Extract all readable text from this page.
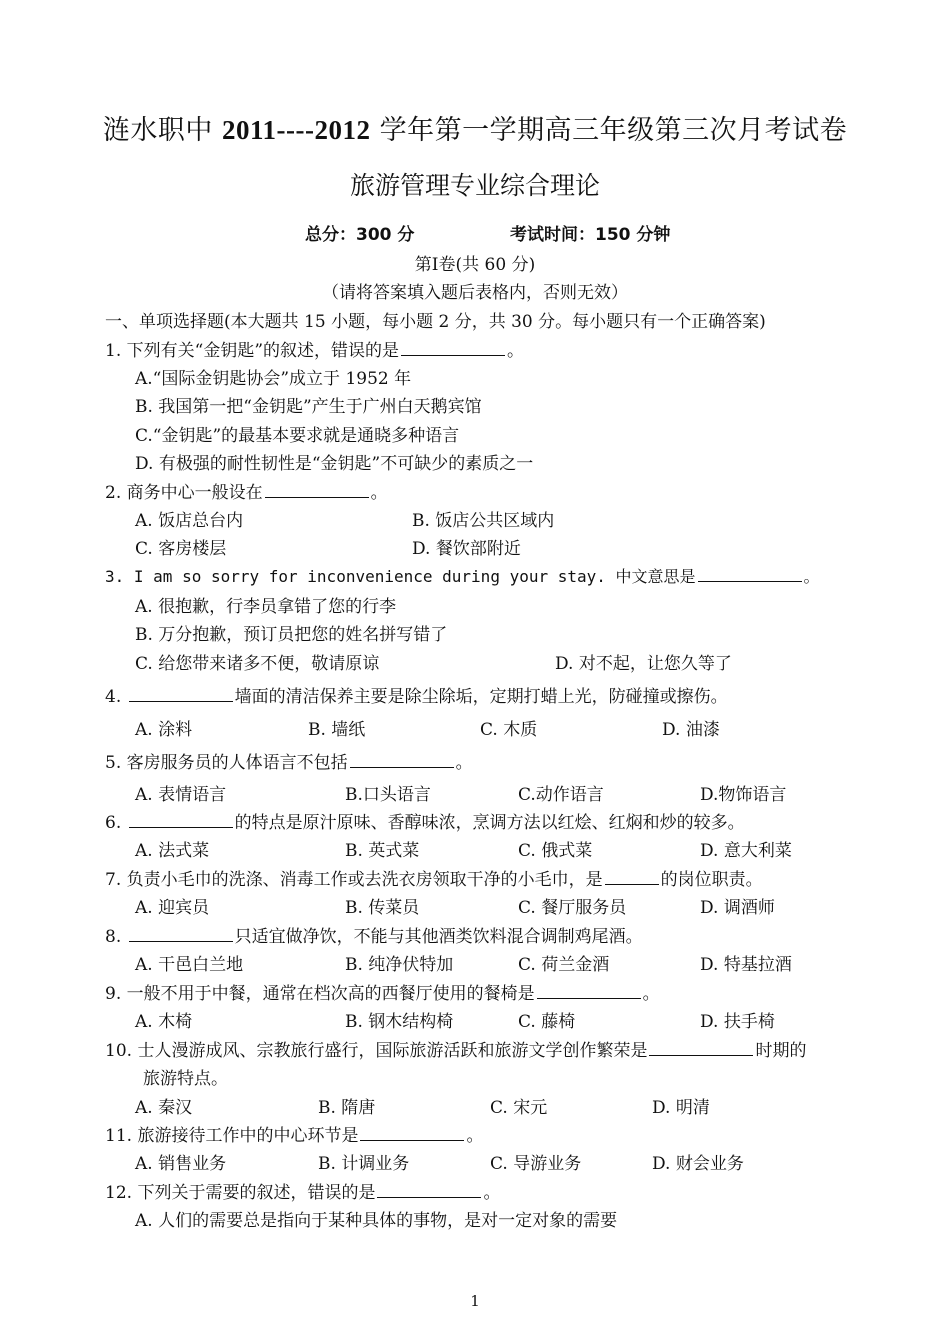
涟水职中 2011----2012 学年第一学期高三年级第三次月考试卷
旅游管理专业综合理论
总分：300 分	考试时间：150 分钟
第Ⅰ卷(共 60 分)
（请将答案填入题后表格内，否则无效）
一、单项选择题(本大题共 15 小题，每小题 2 分，共 30 分。每小题只有一个正确答案)
1. 下列有关“金钥匙”的叙述，错误的是	。
A.“国际金钥匙协会”成立于 1952 年
B. 我国第一把“金钥匙”产生于广州白天鹅宾馆
C.“金钥匙”的最基本要求就是通晓多种语言
D. 有极强的耐性韧性是“金钥匙”不可缺少的素质之一
2. 商务中心一般设在	。
A. 饭店总台内	B. 饭店公共区域内
C. 客房楼层	D. 餐饮部附近
3. I am so sorry for inconvenience during your stay. 中文意思是	。
A. 很抱歉，行李员拿错了您的行李
B. 万分抱歉，预订员把您的姓名拼写错了
C. 给您带来诸多不便，敬请原谅	D. 对不起，让您久等了
4.	墙面的清洁保养主要是除尘除垢，定期打蜡上光，防碰撞或擦伤。
A. 涂料	B. 墙纸	C. 木质	D. 油漆
5. 客房服务员的人体语言不包括	。
A. 表情语言	B.口头语言	C.动作语言	D.物饰语言
6.	的特点是原汁原味、香醇味浓，烹调方法以红烩、红焖和炒的较多。
A. 法式菜	B. 英式菜	C. 俄式菜	D. 意大利菜
7. 负责小毛巾的洗涤、消毒工作或去洗衣房领取干净的小毛巾，是	的岗位职责。
A. 迎宾员	B. 传菜员	C. 餐厅服务员	D. 调酒师
8.	只适宜做净饮，不能与其他酒类饮料混合调制鸡尾酒。
A. 干邑白兰地	B. 纯净伏特加	C. 荷兰金酒	D. 特基拉酒
9. 一般不用于中餐，通常在档次高的西餐厅使用的餐椅是	。
A. 木椅	B. 钢木结构椅	C. 藤椅	D. 扶手椅
10. 士人漫游成风、宗教旅行盛行，国际旅游活跃和旅游文学创作繁荣是	时期的
旅游特点。
A. 秦汉	B. 隋唐	C. 宋元	D. 明清
11. 旅游接待工作中的中心环节是	。
A. 销售业务	B. 计调业务	C. 导游业务	D. 财会业务
12. 下列关于需要的叙述，错误的是	。
A. 人们的需要总是指向于某种具体的事物，是对一定对象的需要
1
